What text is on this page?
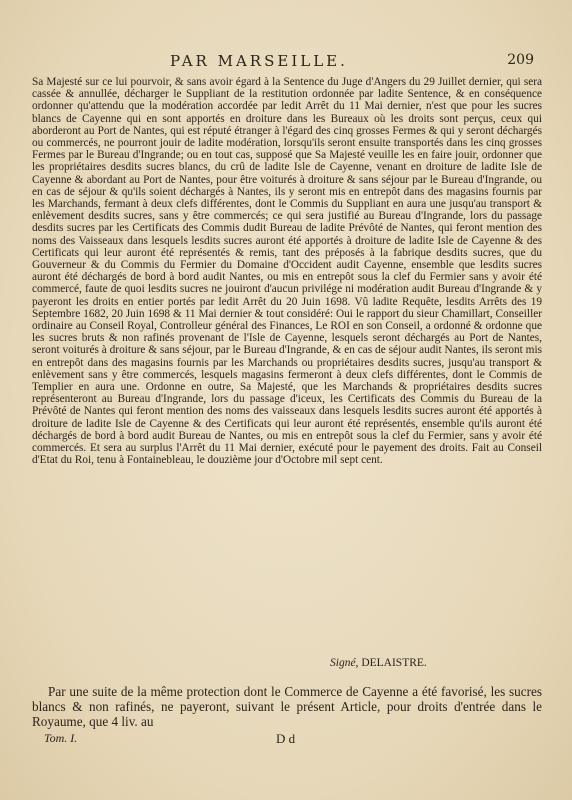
PAR MARSEILLE.	209

Sa Majesté sur ce lui pourvoir, & sans avoir égard à la Sentence du Juge d'Angers du 29 Juillet dernier, qui sera cassée & annullée, décharger le Suppliant de la restitution ordonnée par ladite Sentence, & en conséquence ordonner qu'attendu que la modération accordée par ledit Arrêt du 11 Mai dernier, n'est que pour les sucres blancs de Cayenne qui en sont apportés en droiture dans les Bureaux où les droits sont perçus, ceux qui aborderont au Port de Nantes, qui est réputé étranger à l'égard des cinq grosses Fermes & qui y seront déchargés ou commercés, ne pourront jouir de ladite modération, lorsqu'ils seront ensuite transportés dans les cinq grosses Fermes par le Bureau d'Ingrande; ou en tout cas, supposé que Sa Majesté veuille les en faire jouir, ordonner que les propriétaires desdits sucres blancs, du crû de ladite Isle de Cayenne, venant en droiture de ladite Isle de Cayenne & abordant au Port de Nantes, pour être voiturés à droiture & sans séjour par le Bureau d'Ingrande, ou en cas de séjour & qu'ils soient déchargés à Nantes, ils y seront mis en entrepôt dans des magasins fournis par les Marchands, fermant à deux clefs différentes, dont le Commis du Suppliant en aura une jusqu'au transport & enlèvement desdits sucres, sans y être commercés; ce qui sera justifié au Bureau d'Ingrande, lors du passage desdits sucres par les Certificats des Commis dudit Bureau de ladite Prévôté de Nantes, qui feront mention des noms des Vaisseaux dans lesquels lesdits sucres auront été apportés à droiture de ladite Isle de Cayenne & des Certificats qui leur auront été représentés & remis, tant des préposés à la fabrique desdits sucres, que du Gouverneur & du Commis du Fermier du Domaine d'Occident audit Cayenne, ensemble que lesdits sucres auront été déchargés de bord à bord audit Nantes, ou mis en entrepôt sous la clef du Fermier sans y avoir été commercé, faute de quoi lesdits sucres ne jouiront d'aucun privilége ni modération audit Bureau d'Ingrande & y payeront les droits en entier portés par ledit Arrêt du 20 Juin 1698. Vû ladite Requête, lesdits Arrêts des 19 Septembre 1682, 20 Juin 1698 & 11 Mai dernier & tout considéré: Oui le rapport du sieur Chamillart, Conseiller ordinaire au Conseil Royal, Controlleur général des Finances, Le ROI en son Conseil, a ordonné & ordonne que les sucres bruts & non rafinés provenant de l'Isle de Cayenne, lesquels seront déchargés au Port de Nantes, seront voiturés à droiture & sans séjour, par le Bureau d'Ingrande, & en cas de séjour audit Nantes, ils seront mis en entrepôt dans des magasins fournis par les Marchands ou propriétaires desdits sucres, jusqu'au transport & enlèvement sans y être commercés, lesquels magasins fermeront à deux clefs différentes, dont le Commis de Templier en aura une. Ordonne en outre, Sa Majesté, que les Marchands & propriétaires desdits sucres représenteront au Bureau d'Ingrande, lors du passage d'iceux, les Certificats des Commis du Bureau de la Prévôté de Nantes qui feront mention des noms des vaisseaux dans lesquels lesdits sucres auront été apportés à droiture de ladite Isle de Cayenne & des Certificats qui leur auront été représentés, ensemble qu'ils auront été déchargés de bord à bord audit Bureau de Nantes, ou mis en entrepôt sous la clef du Fermier, sans y avoir été commercés. Et sera au surplus l'Arrêt du 11 Mai dernier, exécuté pour le payement des droits. Fait au Conseil d'Etat du Roi, tenu à Fontainebleau, le douzième jour d'Octobre mil sept cent.

Signé, DELAISTRE.

Par une suite de la même protection dont le Commerce de Cayenne a été favorisé, les sucres blancs & non rafinés, ne payeront, suivant le présent Article, pour droits d'entrée dans le Royaume, que 4 liv. au

Tom. I.	D d
